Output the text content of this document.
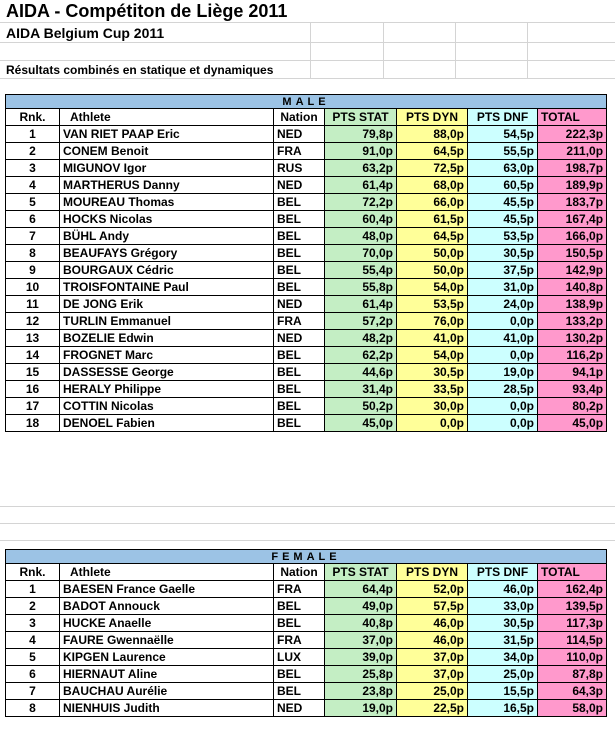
AIDA - Compétiton de Liège 2011
AIDA Belgium Cup 2011
Résultats combinés en statique et dynamiques
MALE						
Rnk.	Athlete	Nation	PTS STAT	PTS DYN	PTS DNF	TOTAL
1	VAN RIET PAAP Eric	NED	79,8p	88,0p	54,5p	222,3p
2	CONEM Benoit	FRA	91,0p	64,5p	55,5p	211,0p
3	MIGUNOV Igor	RUS	63,2p	72,5p	63,0p	198,7p
4	MARTHERUS Danny	NED	61,4p	68,0p	60,5p	189,9p
5	MOUREAU Thomas	BEL	72,2p	66,0p	45,5p	183,7p
6	HOCKS Nicolas	BEL	60,4p	61,5p	45,5p	167,4p
7	BÜHL Andy	BEL	48,0p	64,5p	53,5p	166,0p
8	BEAUFAYS Grégory	BEL	70,0p	50,0p	30,5p	150,5p
9	BOURGAUX Cédric	BEL	55,4p	50,0p	37,5p	142,9p
10	TROISFONTAINE Paul	BEL	55,8p	54,0p	31,0p	140,8p
11	DE JONG Erik	NED	61,4p	53,5p	24,0p	138,9p
12	TURLIN Emmanuel	FRA	57,2p	76,0p	0,0p	133,2p
13	BOZELIE Edwin	NED	48,2p	41,0p	41,0p	130,2p
14	FROGNET Marc	BEL	62,2p	54,0p	0,0p	116,2p
15	DASSESSE George	BEL	44,6p	30,5p	19,0p	94,1p
16	HERALY Philippe	BEL	31,4p	33,5p	28,5p	93,4p
17	COTTIN Nicolas	BEL	50,2p	30,0p	0,0p	80,2p
18	DENOEL Fabien	BEL	45,0p	0,0p	0,0p	45,0p
FEMALE						
Rnk.	Athlete	Nation	PTS STAT	PTS DYN	PTS DNF	TOTAL
1	BAESEN France Gaelle	FRA	64,4p	52,0p	46,0p	162,4p
2	BADOT Annouck	BEL	49,0p	57,5p	33,0p	139,5p
3	HUCKE Anaelle	BEL	40,8p	46,0p	30,5p	117,3p
4	FAURE Gwennaëlle	FRA	37,0p	46,0p	31,5p	114,5p
5	KIPGEN Laurence	LUX	39,0p	37,0p	34,0p	110,0p
6	HIERNAUT Aline	BEL	25,8p	37,0p	25,0p	87,8p
7	BAUCHAU Aurélie	BEL	23,8p	25,0p	15,5p	64,3p
8	NIENHUIS Judith	NED	19,0p	22,5p	16,5p	58,0p
